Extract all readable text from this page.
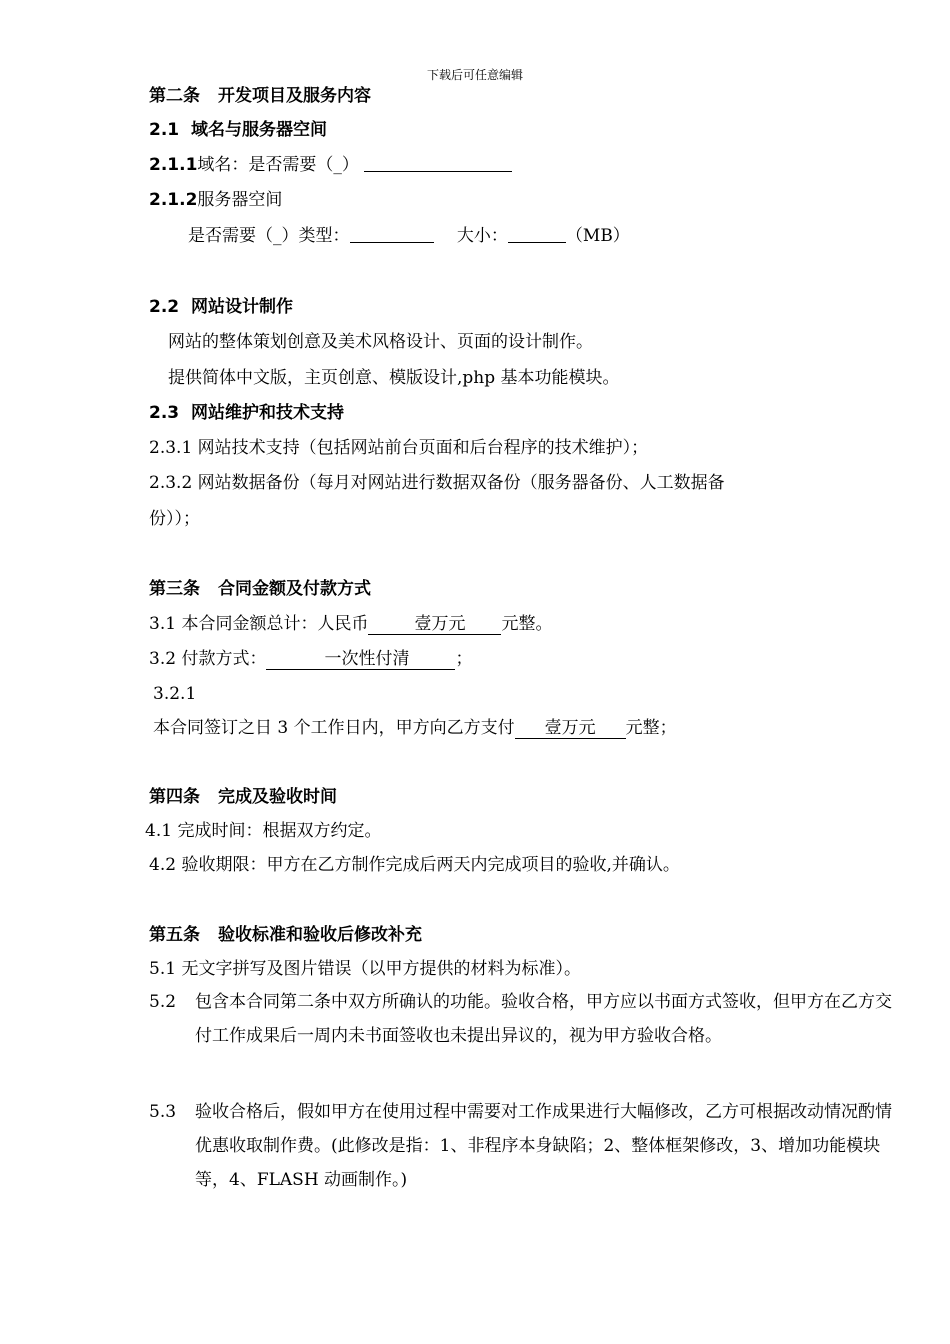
下载后可任意编辑
第二条 开发项目及服务内容
2.1 域名与服务器空间
2.1.1域名：是否需要（_）
2.1.2服务器空间
是否需要（_）类型：	大小：	（MB）
2.2 网站设计制作
网站的整体策划创意及美术风格设计、页面的设计制作。
提供简体中文版，主页创意、模版设计,php 基本功能模块。
2.3 网站维护和技术支持
2.3.1 网站技术支持（包括网站前台页面和后台程序的技术维护）；
2.3.2 网站数据备份（每月对网站进行数据双备份（服务器备份、人工数据备
份））；
第三条 合同金额及付款方式
3.1 本合同金额总计：人民币	壹万元 元整。
3.2 付款方式：	一次性付清	；
3.2.1
本合同签订之日 3 个工作日内，甲方向乙方支付 壹万元 元整；
第四条 完成及验收时间
4.1 完成时间：根据双方约定。
4.2 验收期限：甲方在乙方制作完成后两天内完成项目的验收,并确认。
第五条 验收标准和验收后修改补充
5.1 无文字拼写及图片错误（以甲方提供的材料为标准）。
5.2 包含本合同第二条中双方所确认的功能。验收合格，甲方应以书面方式签收，但甲方在乙方交付工作成果后一周内未书面签收也未提出异议的，视为甲方验收合格。
5.3 验收合格后，假如甲方在使用过程中需要对工作成果进行大幅修改，乙方可根据改动情况酌情优惠收取制作费。(此修改是指：1、非程序本身缺陷；2、整体框架修改，3、增加功能模块等，4、FLASH 动画制作。)
